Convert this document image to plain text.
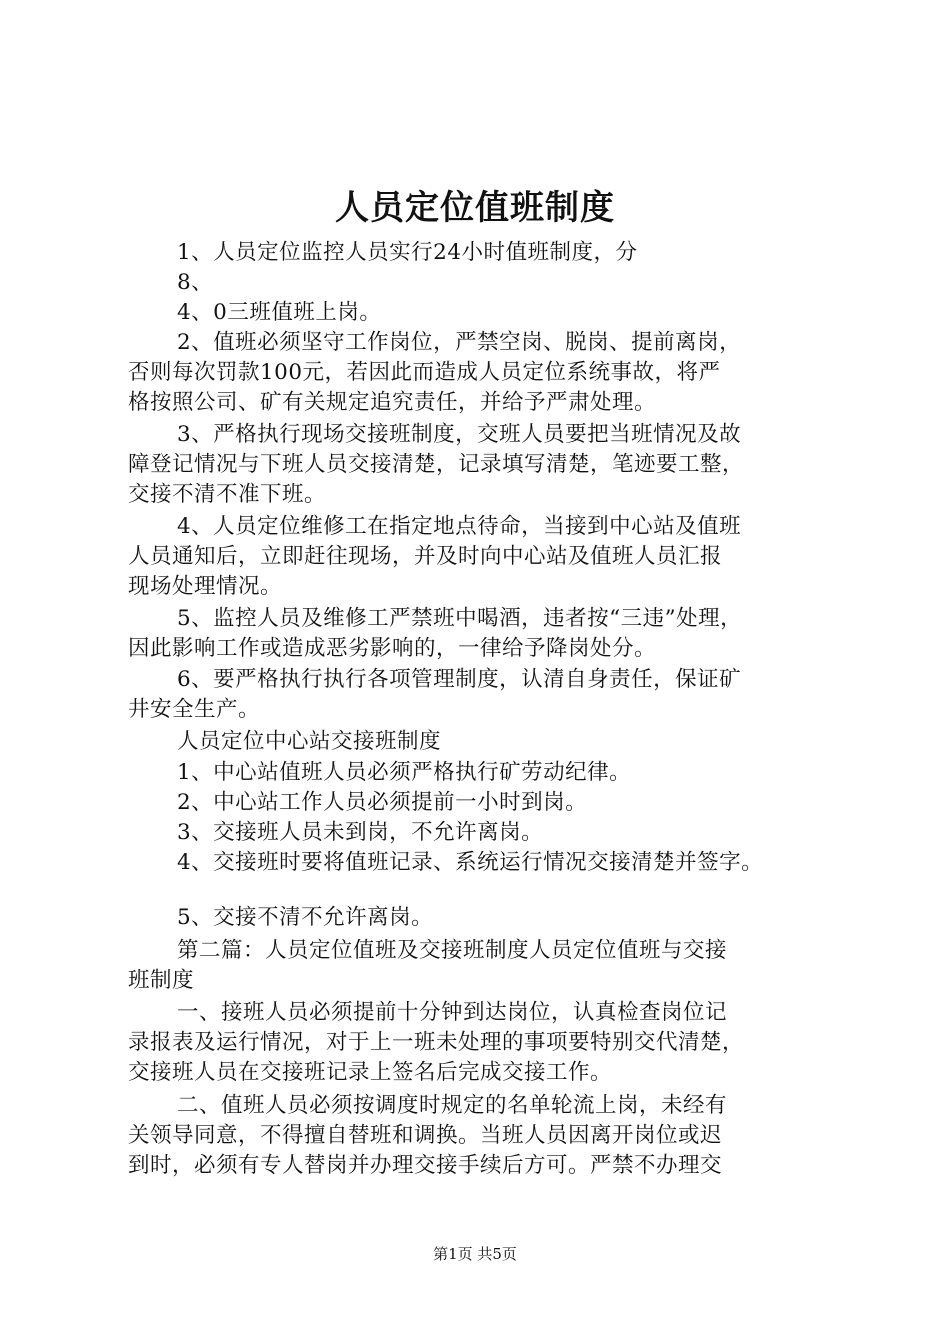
人员定位值班制度
1、人员定位监控人员实行24小时值班制度，分
8、
4、0三班值班上岗。
2、值班必须坚守工作岗位，严禁空岗、脱岗、提前离岗，
否则每次罚款100元，若因此而造成人员定位系统事故，将严
格按照公司、矿有关规定追究责任，并给予严肃处理。
3、严格执行现场交接班制度，交班人员要把当班情况及故
障登记情况与下班人员交接清楚，记录填写清楚，笔迹要工整，
交接不清不准下班。
4、人员定位维修工在指定地点待命，当接到中心站及值班
人员通知后，立即赶往现场，并及时向中心站及值班人员汇报
现场处理情况。
5、监控人员及维修工严禁班中喝酒，违者按“三违”处理，
因此影响工作或造成恶劣影响的，一律给予降岗处分。
6、要严格执行执行各项管理制度，认清自身责任，保证矿
井安全生产。
人员定位中心站交接班制度
1、中心站值班人员必须严格执行矿劳动纪律。
2、中心站工作人员必须提前一小时到岗。
3、交接班人员未到岗，不允许离岗。
4、交接班时要将值班记录、系统运行情况交接清楚并签字。
5、交接不清不允许离岗。
第二篇：人员定位值班及交接班制度人员定位值班与交接
班制度
一、接班人员必须提前十分钟到达岗位，认真检查岗位记
录报表及运行情况，对于上一班未处理的事项要特别交代清楚，
交接班人员在交接班记录上签名后完成交接工作。
二、值班人员必须按调度时规定的名单轮流上岗，未经有
关领导同意，不得擅自替班和调换。当班人员因离开岗位或迟
到时，必须有专人替岗并办理交接手续后方可。严禁不办理交
第1页 共5页
